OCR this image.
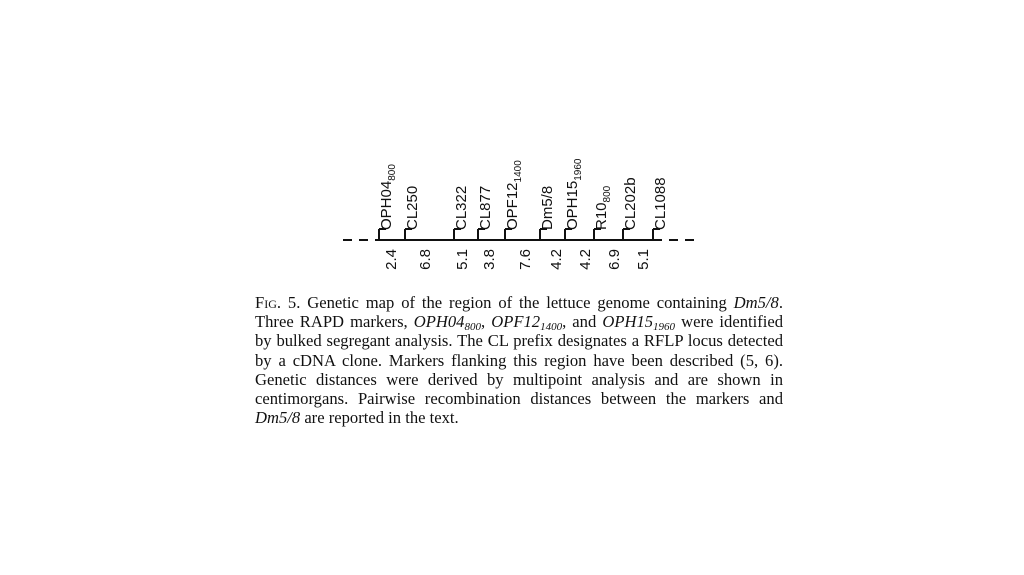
$OPH04_{800}$
CL250 CL322 CL877 $OPF12_{1400}$
Dm5/8 $OPH15_{1960}$
$R10_{800}$ CL202b CL1088
2.4 6.8 5.1 3.8 7.6 4.2 4.2 6.9 5.1
Fig. 5. Genetic map of the region of the lettuce genome containing Dm5/8. Three RAPD markers, $OPH04_{800}$, $OPF12_{1400}$, and $OPH15_{1960}$ were identified by bulked segregant analysis. The CL prefix designates a RFLP locus detected by a cDNA clone. Markers flanking this region have been described (5, 6). Genetic distances were derived by multipoint analysis and are shown in centimorgans. Pairwise recombination distances between the markers and Dm5/8 are reported in the text.
